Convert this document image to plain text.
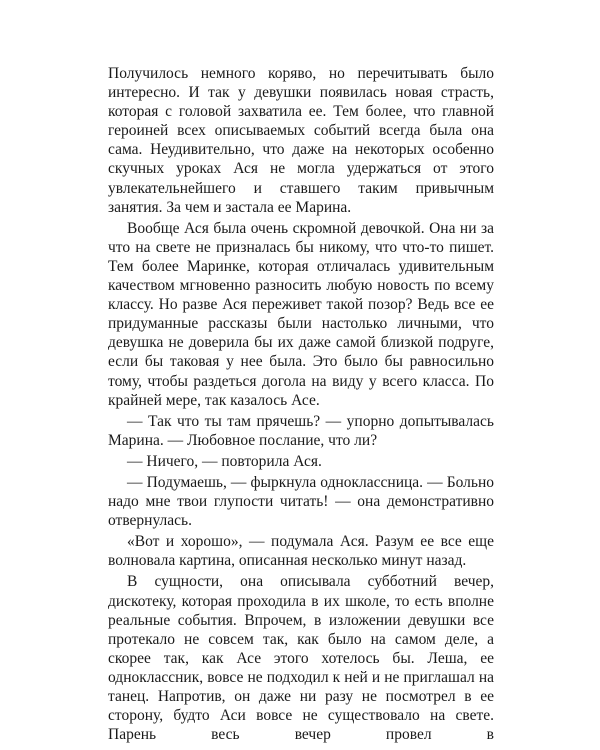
Получилось немного коряво, но перечитывать было интересно. И так у девушки появилась новая страсть, которая с головой захватила ее. Тем более, что главной героиней всех описываемых событий всегда была она сама. Неудивительно, что даже на некоторых особенно скучных уроках Ася не могла удержаться от этого увлекательнейшего и ставшего таким привычным занятия. За чем и застала ее Марина.

Вообще Ася была очень скромной девочкой. Она ни за что на свете не призналась бы никому, что что-то пишет. Тем более Маринке, которая отличалась удивительным качеством мгновенно разносить любую новость по всему классу. Но разве Ася переживет такой позор? Ведь все ее придуманные рассказы были настолько личными, что девушка не доверила бы их даже самой близкой подруге, если бы таковая у нее была. Это было бы равносильно тому, чтобы раздеться догола на виду у всего класса. По крайней мере, так казалось Асе.

— Так что ты там прячешь? — упорно допытывалась Марина. — Любовное послание, что ли?

— Ничего, — повторила Ася.

— Подумаешь, — фыркнула одноклассница. — Больно надо мне твои глупости читать! — она демонстративно отвернулась.

«Вот и хорошо», — подумала Ася. Разум ее все еще волновала картина, описанная несколько минут назад.

В сущности, она описывала субботний вечер, дискотеку, которая проходила в их школе, то есть вполне реальные события. Впрочем, в изложении девушки все протекало не совсем так, как было на самом деле, а скорее так, как Асе этого хотелось бы. Леша, ее одноклассник, вовсе не подходил к ней и не приглашал на танец. Напротив, он даже ни разу не посмотрел в ее сторону, будто Аси вовсе не существовало на свете. Парень весь вечер провел в
